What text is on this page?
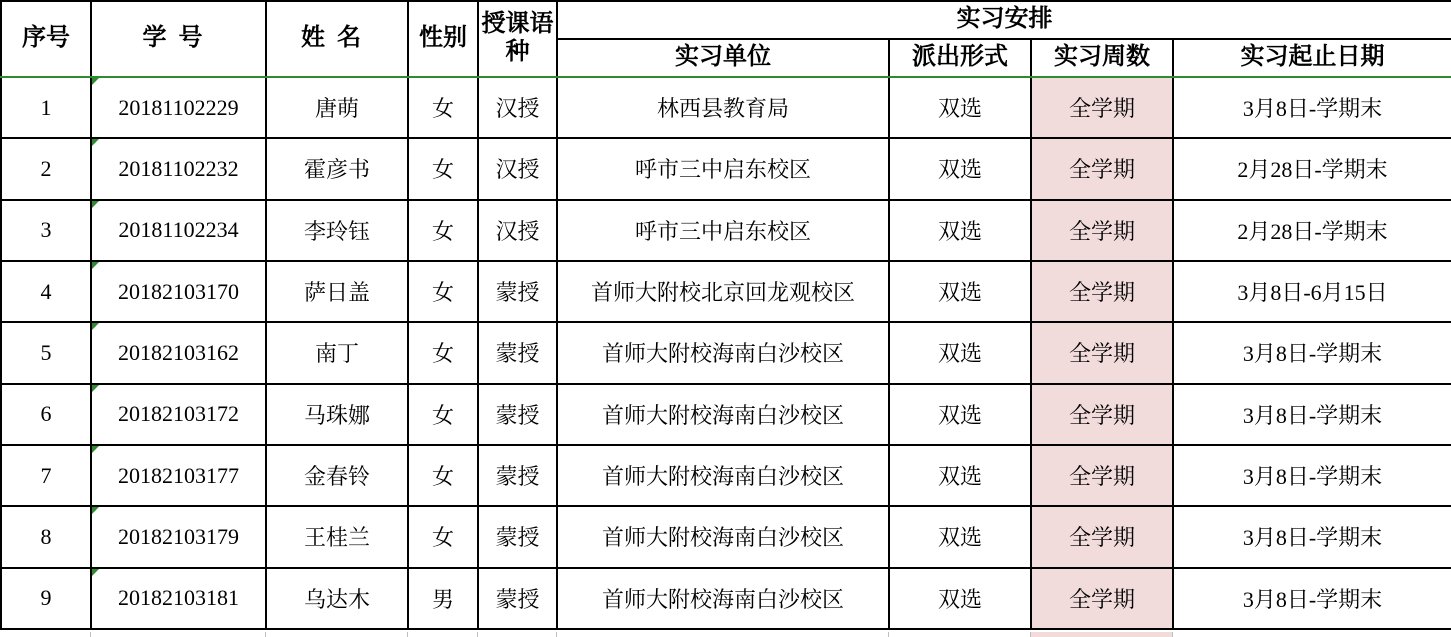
序号	学号	姓名	性别	授课语种	实习安排			
					实习单位	派出形式	实习周数	实习起止日期
1	20181102229	唐萌	女	汉授	林西县教育局	双选	全学期	3月8日-学期末
2	20181102232	霍彦书	女	汉授	呼市三中启东校区	双选	全学期	2月28日-学期末
3	20181102234	李玲钰	女	汉授	呼市三中启东校区	双选	全学期	2月28日-学期末
4	20182103170	萨日盖	女	蒙授	首师大附校北京回龙观校区	双选	全学期	3月8日-6月15日
5	20182103162	南丁	女	蒙授	首师大附校海南白沙校区	双选	全学期	3月8日-学期末
6	20182103172	马珠娜	女	蒙授	首师大附校海南白沙校区	双选	全学期	3月8日-学期末
7	20182103177	金春铃	女	蒙授	首师大附校海南白沙校区	双选	全学期	3月8日-学期末
8	20182103179	王桂兰	女	蒙授	首师大附校海南白沙校区	双选	全学期	3月8日-学期末
9	20182103181	乌达木	男	蒙授	首师大附校海南白沙校区	双选	全学期	3月8日-学期末
